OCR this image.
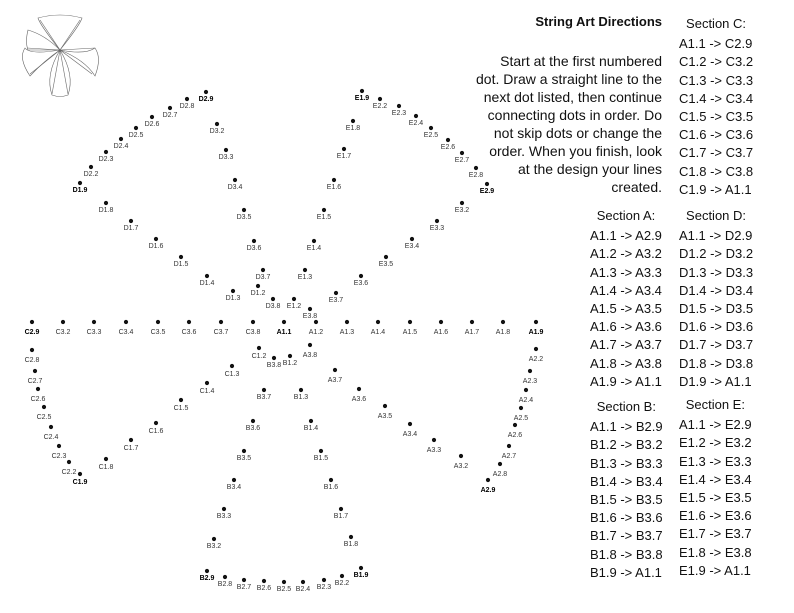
A1.1 A1.2 A1.3 A1.4	A1.5 A1.6 A1.7 A1.8	A1.9
A2.2
A2.3
A2.4
A2.5
A2.6
A2.7
A2.8
A2.9
A3.2
A3.3
A3.4
A3.5
A3.6
A3.7
A3.8
B1.2
B1.3
B1.4
B1.5
B1.6
B1.7
B1.8
B1.9
B2.2
B2.3
B2.4
B2.5
B2.6
B2.7
B2.8
B2.9
B3.2
B3.3
B3.4
B3.5
B3.6
B3.7
B3.8
C1.2
C1.3
C1.4
C1.5
C1.6
C1.7
C1.8
C1.9
C2.2
C2.3
C2.4
C2.5
C2.6
C2.7
C2.8
C2.9 C3.2 C3.3 C3.4 C3.5 C3.6 C3.7 C3.8
D1.2
D1.3
D1.4
D1.5
D1.6
D1.7
D1.8
D1.9
D2.2
D2.3
D2.4
D2.5
D2.6
D2.7
D2.8
D2.9
D3.2
D3.3
D3.4
D3.5
D3.6
D3.7
D3.8 E1.2
E1.3
E1.4
E1.5
E1.6
E1.7
E1.8
E1.9
E2.2
E2.3
E2.4
E2.5
E2.6
E2.7
E2.8
E2.9
E3.2
E3.3
E3.4
E3.5
E3.6
E3.7
E3.8
String Art Directions
Start at the first numbered dot. Draw a straight line to the next dot listed, then continue connecting dots in order. Do not skip dots or change the order. When you finish, look at the design your lines created.
Section A:
A1.1 -> A2.9
A1.2 -> A3.2
A1.3 -> A3.3
A1.4 -> A3.4
A1.5 -> A3.5
A1.6 -> A3.6
A1.7 -> A3.7
A1.8 -> A3.8
A1.9 -> A1.1
Section B:
A1.1 -> B2.9
B1.2 -> B3.2
B1.3 -> B3.3
B1.4 -> B3.4
B1.5 -> B3.5
B1.6 -> B3.6
B1.7 -> B3.7
B1.8 -> B3.8
B1.9 -> A1.1
Section C:
A1.1 -> C2.9
C1.2 -> C3.2
C1.3 -> C3.3
C1.4 -> C3.4
C1.5 -> C3.5
C1.6 -> C3.6
C1.7 -> C3.7
C1.8 -> C3.8
C1.9 -> A1.1
Section D:
A1.1 -> D2.9
D1.2 -> D3.2
D1.3 -> D3.3
D1.4 -> D3.4
D1.5 -> D3.5
D1.6 -> D3.6
D1.7 -> D3.7
D1.8 -> D3.8
D1.9 -> A1.1
Section E:
A1.1 -> E2.9
E1.2 -> E3.2
E1.3 -> E3.3
E1.4 -> E3.4
E1.5 -> E3.5
E1.6 -> E3.6
E1.7 -> E3.7
E1.8 -> E3.8
E1.9 -> A1.1
